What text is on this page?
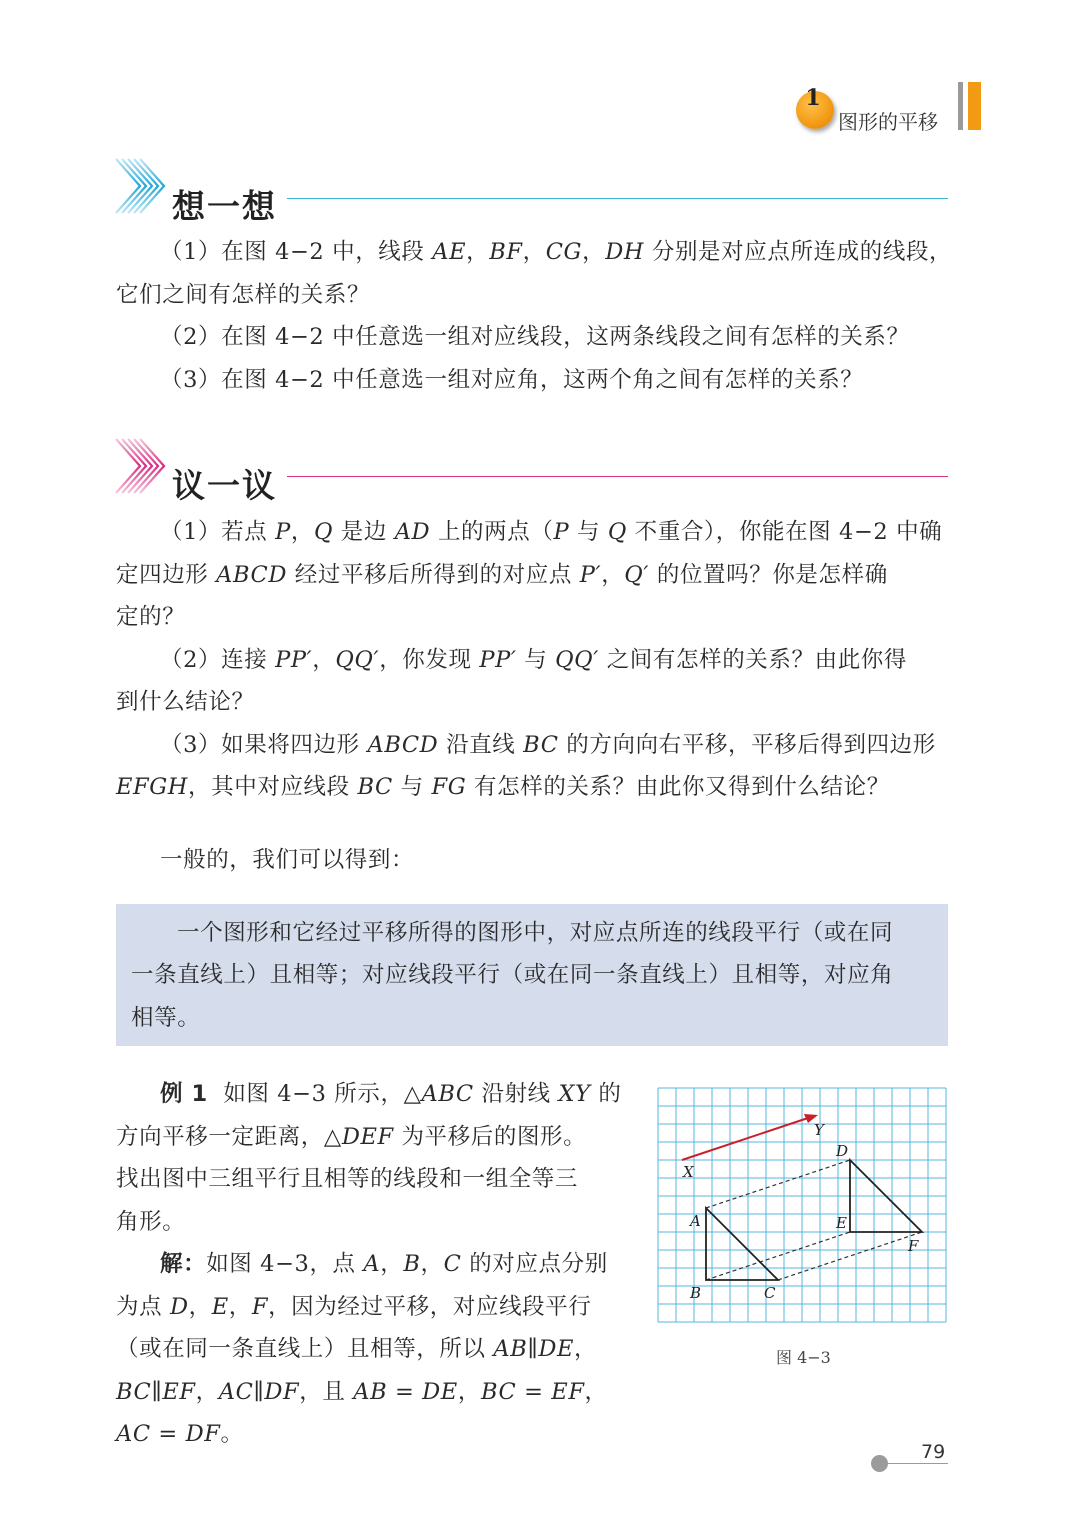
1
图形的平移
想一想
（1）在图 4−2 中，线段 AE，BF，CG，DH 分别是对应点所连成的线段，
它们之间有怎样的关系？
（2）在图 4−2 中任意选一组对应线段，这两条线段之间有怎样的关系？
（3）在图 4−2 中任意选一组对应角，这两个角之间有怎样的关系？
议一议
（1）若点 P，Q 是边 AD 上的两点（P 与 Q 不重合），你能在图 4−2 中确
定四边形 ABCD 经过平移后所得到的对应点 P′，Q′ 的位置吗？你是怎样确
定的？
（2）连接 PP′，QQ′，你发现 PP′ 与 QQ′ 之间有怎样的关系？由此你得
到什么结论？
（3）如果将四边形 ABCD 沿直线 BC 的方向向右平移，平移后得到四边形
EFGH，其中对应线段 BC 与 FG 有怎样的关系？由此你又得到什么结论？
一般的，我们可以得到：
一个图形和它经过平移所得的图形中，对应点所连的线段平行（或在同
一条直线上）且相等；对应线段平行（或在同一条直线上）且相等，对应角
相等。
例 1 如图 4−3 所示，△ABC 沿射线 XY 的
方向平移一定距离，△DEF 为平移后的图形。
找出图中三组平行且相等的线段和一组全等三
角形。
解：如图 4−3，点 A，B，C 的对应点分别
为点 D，E，F，因为经过平移，对应线段平行
（或在同一条直线上）且相等，所以 AB∥DE，
BC∥EF，AC∥DF，且 AB = DE，BC = EF，
AC = DF。
X
Y
A
B	C
D
E
F
图 4−3
79
